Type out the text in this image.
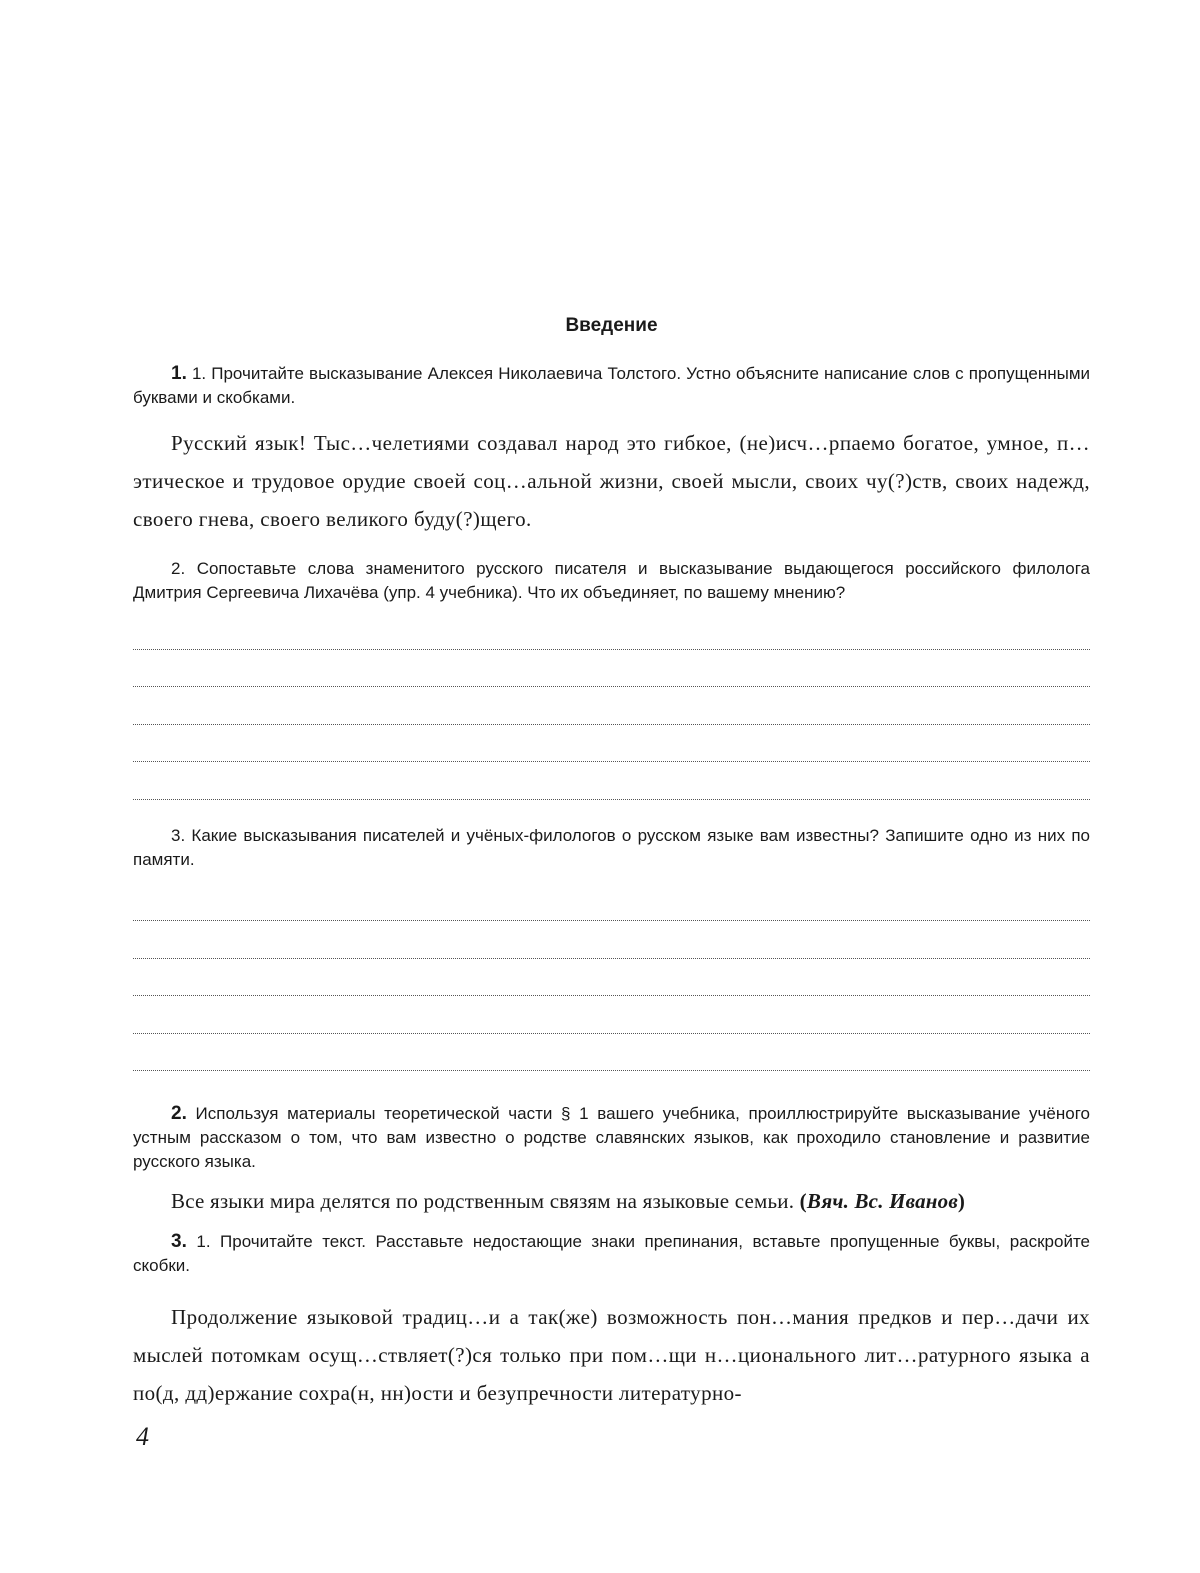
Введение

1. 1. Прочитайте высказывание Алексея Николаевича Толстого. Устно объясните написание слов с пропущенными буквами и скобками.

Русский язык! Тыс…челетиями создавал народ это гибкое, (не)исч…рпаемо богатое, умное, п…этическое и трудовое орудие своей соц…альной жизни, своей мысли, своих чу(?)ств, своих надежд, своего гнева, своего великого буду(?)щего.

2. Сопоставьте слова знаменитого русского писателя и высказывание выдающегося российского филолога Дмитрия Сергеевича Лихачёва (упр. 4 учебника). Что их объединяет, по вашему мнению?

3. Какие высказывания писателей и учёных-филологов о русском языке вам известны? Запишите одно из них по памяти.

2. Используя материалы теоретической части § 1 вашего учебника, проиллюстрируйте высказывание учёного устным рассказом о том, что вам известно о родстве славянских языков, как проходило становление и развитие русского языка.

Все языки мира делятся по родственным связям на языковые семьи. (Вяч. Вс. Иванов)

3. 1. Прочитайте текст. Расставьте недостающие знаки препинания, вставьте пропущенные буквы, раскройте скобки.

Продолжение языковой традиц…и а так(же) возможность пон…мания предков и пер…дачи их мыслей потомкам осущ…ствляет(?)ся только при пом…щи н…ционального лит…ратурного языка а по(д, дд)ержание сохра(н, нн)ости и безупречности литературно-

4
